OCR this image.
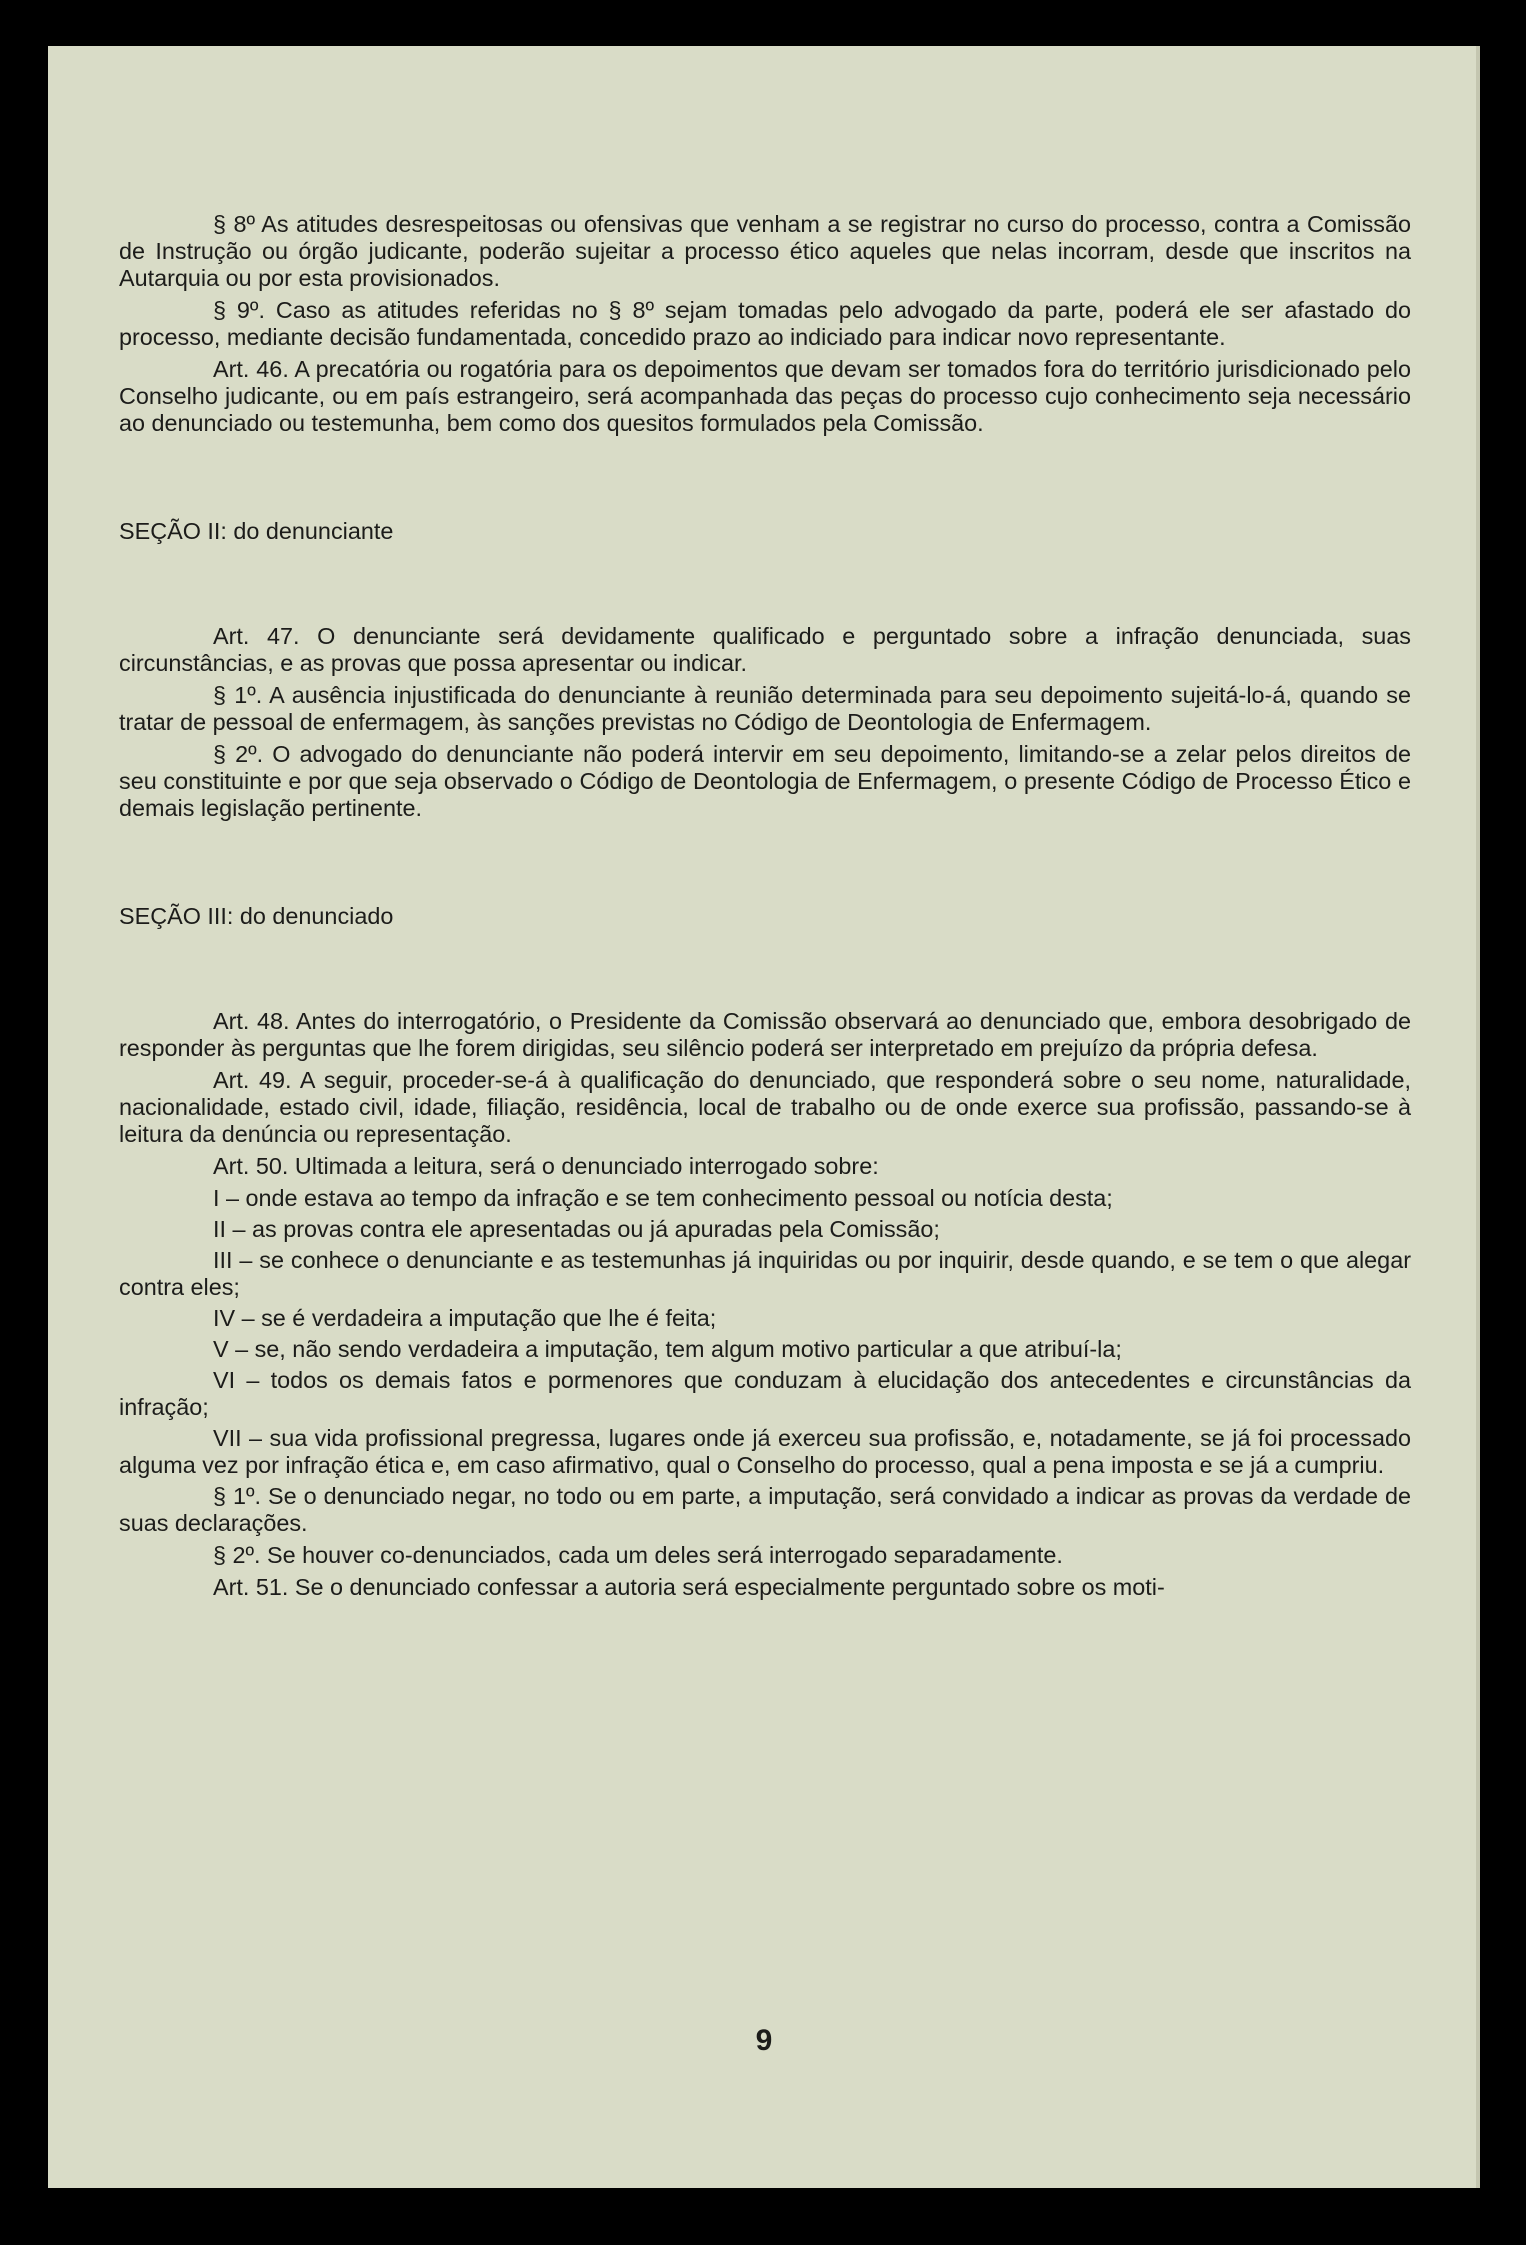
§ 8º As atitudes desrespeitosas ou ofensivas que venham a se registrar no curso do processo, contra a Comissão de Instrução ou órgão judicante, poderão sujeitar a processo ético aqueles que nelas incorram, desde que inscritos na Autarquia ou por esta provisionados.

§ 9º. Caso as atitudes referidas no § 8º sejam tomadas pelo advogado da parte, poderá ele ser afastado do processo, mediante decisão fundamentada, concedido prazo ao indiciado para indicar novo representante.

Art. 46. A precatória ou rogatória para os depoimentos que devam ser tomados fora do território jurisdicionado pelo Conselho judicante, ou em país estrangeiro, será acompanhada das peças do processo cujo conhecimento seja necessário ao denunciado ou testemunha, bem como dos quesitos formulados pela Comissão.

SEÇÃO II: do denunciante

Art. 47. O denunciante será devidamente qualificado e perguntado sobre a infração denunciada, suas circunstâncias, e as provas que possa apresentar ou indicar.

§ 1º. A ausência injustificada do denunciante à reunião determinada para seu depoimento sujeitá-lo-á, quando se tratar de pessoal de enfermagem, às sanções previstas no Código de Deontologia de Enfermagem.

§ 2º. O advogado do denunciante não poderá intervir em seu depoimento, limitando-se a zelar pelos direitos de seu constituinte e por que seja observado o Código de Deontologia de Enfermagem, o presente Código de Processo Ético e demais legislação pertinente.

SEÇÃO III: do denunciado

Art. 48. Antes do interrogatório, o Presidente da Comissão observará ao denunciado que, embora desobrigado de responder às perguntas que lhe forem dirigidas, seu silêncio poderá ser interpretado em prejuízo da própria defesa.

Art. 49. A seguir, proceder-se-á à qualificação do denunciado, que responderá sobre o seu nome, naturalidade, nacionalidade, estado civil, idade, filiação, residência, local de trabalho ou de onde exerce sua profissão, passando-se à leitura da denúncia ou representação.

Art. 50. Ultimada a leitura, será o denunciado interrogado sobre:

I – onde estava ao tempo da infração e se tem conhecimento pessoal ou notícia desta;

II – as provas contra ele apresentadas ou já apuradas pela Comissão;

III – se conhece o denunciante e as testemunhas já inquiridas ou por inquirir, desde quando, e se tem o que alegar contra eles;

IV – se é verdadeira a imputação que lhe é feita;

V – se, não sendo verdadeira a imputação, tem algum motivo particular a que atribuí-la;

VI – todos os demais fatos e pormenores que conduzam à elucidação dos antecedentes e circunstâncias da infração;

VII – sua vida profissional pregressa, lugares onde já exerceu sua profissão, e, notadamente, se já foi processado alguma vez por infração ética e, em caso afirmativo, qual o Conselho do processo, qual a pena imposta e se já a cumpriu.

§ 1º. Se o denunciado negar, no todo ou em parte, a imputação, será convidado a indicar as provas da verdade de suas declarações.

§ 2º. Se houver co-denunciados, cada um deles será interrogado separadamente.

Art. 51. Se o denunciado confessar a autoria será especialmente perguntado sobre os moti-

9
